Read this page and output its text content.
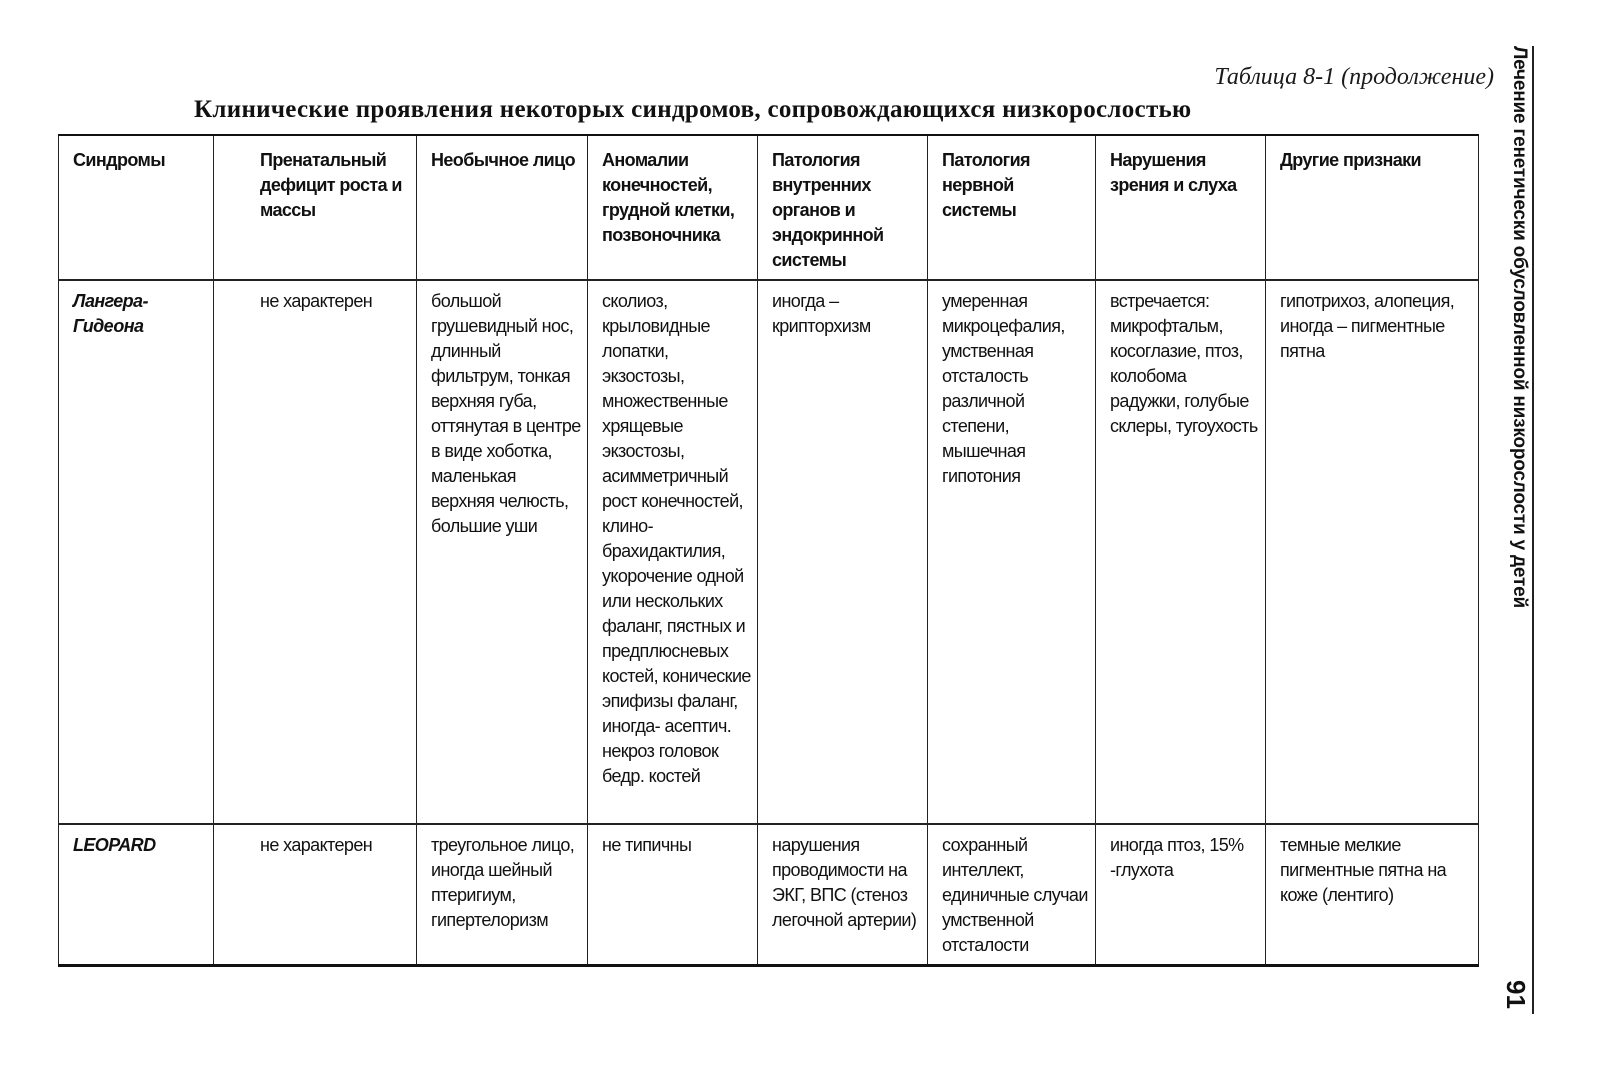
Таблица 8-1 (продолжение)
Клинические проявления некоторых синдромов, сопровождающихся низкорослостью	Лечение генетически обусловленной низкорослости у детей
91
Синдромы	Пренатальный дефицит роста и массы	Необычное лицо	Аномалии конечностей, грудной клетки, позвоночника	Патология внутренних органов и эндокринной системы	Патология нервной системы	Нарушения зрения и слуха	Другие признаки
Лангера-Гидеона	не характерен	большой грушевидный нос, длинный фильтрум, тонкая верхняя губа, оттянутая в центре в виде хоботка, маленькая верхняя челюсть, большие уши	сколиоз, крыловидные лопатки, экзостозы, множественные хрящевые экзостозы, асимметричный рост конечностей, клино-брахидактилия, укорочение одной или нескольких фаланг, пястных и предплюсневых костей, конические эпифизы фаланг, иногда- асептич. некроз головок бедр. костей	иногда – крипторхизм	умеренная микроцефалия, умственная отсталость различной степени, мышечная гипотония	встречается: микрофтальм, косоглазие, птоз, колобома радужки, голубые склеры, тугоухость	гипотрихоз, алопеция, иногда – пигментные пятна
LEOPARD	не характерен	треугольное лицо, иногда шейный птеригиум, гипертелоризм	не типичны	нарушения проводимости на ЭКГ, ВПС (стеноз легочной артерии)	сохранный интеллект, единичные случаи умственной отсталости	иногда птоз, 15% -глухота	темные мелкие пигментные пятна на коже (лентиго)
